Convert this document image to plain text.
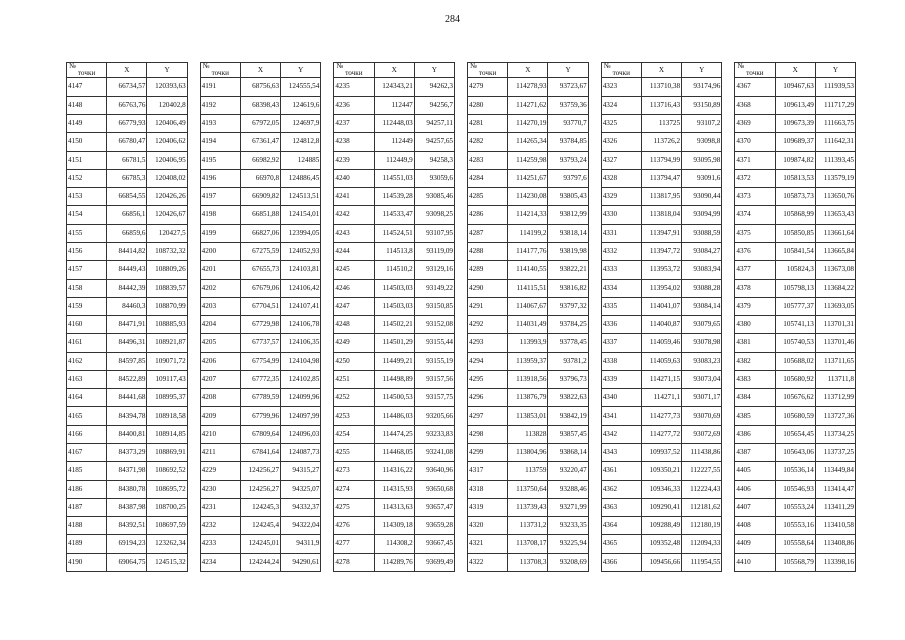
284
№	X	Y
точки		
4147	66734,57	120393,63
4148	66763,76	120402,8
4149	66779,93	120406,49
4150	66780,47	120406,62
4151	66781,5	120406,95
4152	66785,3	120408,02
4153	66854,55	120426,26
4154	66856,1	120426,67
4155	66859,6	120427,5
4156	84414,82	108732,32
4157	84449,43	108809,26
4158	84442,39	108839,57
4159	84460,3	108870,99
4160	84471,91	108885,93
4161	84496,31	108921,87
4162	84597,85	109071,72
4163	84522,89	109117,43
4164	84441,68	108995,37
4165	84394,78	108918,58
4166	84400,81	108914,85
4167	84373,29	108869,91
4185	84371,98	108692,52
4186	84380,78	108695,72
4187	84387,98	108700,25
4188	84392,51	108697,59
4189	69194,23	123262,34
4190	69064,75	124515,32
№	X	Y
точки		
4191	68756,63	124555,54
4192	68398,43	124619,6
4193	67972,05	124697,9
4194	67361,47	124812,8
4195	66982,92	124885
4196	66970,8	124886,45
4197	66909,82	124513,51
4198	66851,88	124154,01
4199	66827,06	123994,05
4200	67275,59	124052,93
4201	67655,73	124103,81
4202	67679,06	124106,42
4203	67704,51	124107,41
4204	67729,98	124106,78
4205	67737,57	124106,35
4206	67754,99	124104,98
4207	67772,35	124102,85
4208	67789,59	124099,96
4209	67799,96	124097,99
4210	67809,64	124096,03
4211	67841,64	124087,73
4229	124256,27	94315,27
4230	124256,27	94325,07
4231	124245,3	94332,37
4232	124245,4	94322,04
4233	124245,01	94311,9
4234	124244,24	94290,61
№	X	Y
точки		
4235	124343,21	94262,3
4236	112447	94256,7
4237	112448,03	94257,11
4238	112449	94257,65
4239	112449,9	94258,3
4240	114551,03	93059,6
4241	114539,28	93085,46
4242	114533,47	93098,25
4243	114524,51	93107,95
4244	114513,8	93119,09
4245	114510,2	93129,16
4246	114503,03	93149,22
4247	114503,03	93150,85
4248	114502,21	93152,08
4249	114501,29	93155,44
4250	114499,21	93155,19
4251	114498,89	93157,56
4252	114500,53	93157,75
4253	114486,03	93205,66
4254	114474,25	93233,83
4255	114468,05	93241,08
4273	114316,22	93640,96
4274	114315,93	93650,68
4275	114313,63	93657,47
4276	114309,18	93659,28
4277	114308,2	93667,45
4278	114289,76	93699,49
№	X	Y
точки		
4279	114278,93	93723,67
4280	114271,62	93759,36
4281	114270,19	93770,7
4282	114265,34	93784,85
4283	114259,98	93793,24
4284	114251,67	93797,6
4285	114230,08	93805,43
4286	114214,33	93812,99
4287	114199,2	93818,14
4288	114177,76	93819,98
4289	114140,55	93822,21
4290	114115,51	93816,82
4291	114067,67	93797,32
4292	114031,49	93784,25
4293	113993,9	93778,45
4294	113959,37	93781,2
4295	113918,56	93796,73
4296	113876,79	93822,63
4297	113853,01	93842,19
4298	113828	93857,45
4299	113804,96	93868,14
4317	113759	93220,47
4318	113750,64	93288,46
4319	113739,43	93271,99
4320	113731,2	93233,35
4321	113708,17	93225,94
4322	113708,3	93208,69
№	X	Y
точки		
4323	113710,38	93174,96
4324	113716,43	93150,89
4325	113725	93107,2
4326	113726,2	93098,8
4327	113794,99	93095,98
4328	113794,47	93091,6
4329	113817,95	93090,44
4330	113818,04	93094,99
4331	113947,91	93088,59
4332	113947,72	93084,27
4333	113953,72	93083,94
4334	113954,02	93088,28
4335	114041,07	93084,14
4336	114040,87	93079,65
4337	114059,46	93078,98
4338	114059,63	93083,23
4339	114271,15	93073,04
4340	114271,1	93071,17
4341	114277,73	93070,69
4342	114277,72	93072,69
4343	109937,52	111438,86
4361	109350,21	112227,55
4362	109346,33	112224,43
4363	109290,41	112181,62
4364	109288,49	112180,19
4365	109352,48	112094,33
4366	109456,66	111954,55
№	X	Y
точки		
4367	109467,63	111939,53
4368	109613,49	111717,29
4369	109673,39	111663,75
4370	109689,37	111642,31
4371	109874,82	111393,45
4372	105813,53	113579,19
4373	105873,73	113650,76
4374	105868,99	113653,43
4375	105850,85	113661,64
4376	105841,54	113665,84
4377	105824,3	113673,08
4378	105798,13	113684,22
4379	105777,37	113693,05
4380	105741,13	113701,31
4381	105740,53	113701,46
4382	105688,02	113711,65
4383	105680,92	113711,8
4384	105676,62	113712,99
4385	105680,59	113727,36
4386	105654,45	113734,25
4387	105643,06	113737,25
4405	105536,14	113449,84
4406	105546,93	113414,47
4407	105553,24	113411,29
4408	105553,16	113410,58
4409	105558,64	113408,86
4410	105568,79	113398,16
